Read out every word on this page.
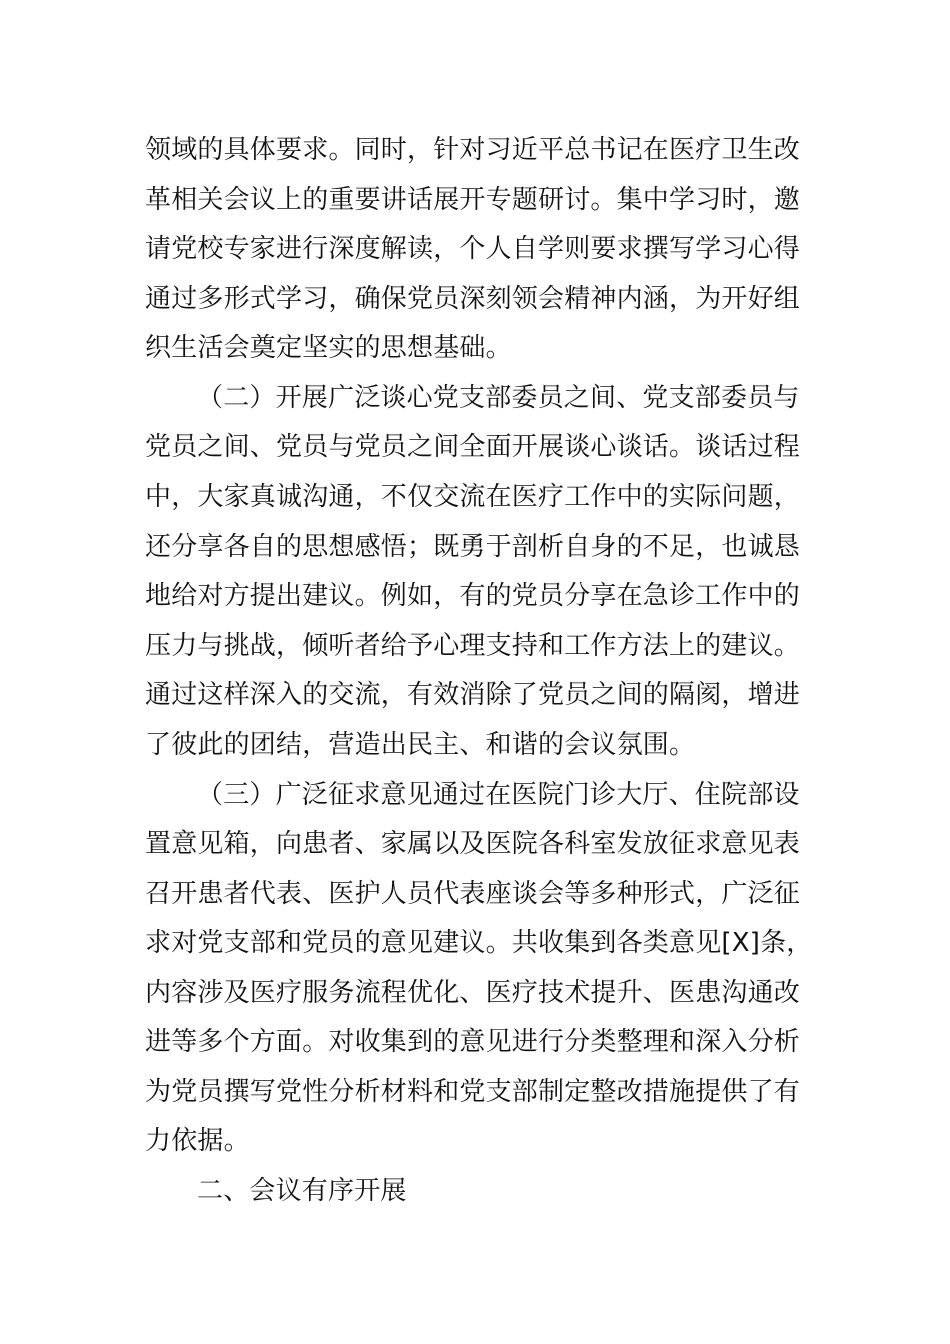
领域的具体要求。同时，针对习近平总书记在医疗卫生改
革相关会议上的重要讲话展开专题研讨。集中学习时，邀
请党校专家进行深度解读，个人自学则要求撰写学习心得
通过多形式学习，确保党员深刻领会精神内涵，为开好组
织生活会奠定坚实的思想基础。
（二）开展广泛谈心党支部委员之间、党支部委员与
党员之间、党员与党员之间全面开展谈心谈话。谈话过程
中，大家真诚沟通，不仅交流在医疗工作中的实际问题，
还分享各自的思想感悟；既勇于剖析自身的不足，也诚恳
地给对方提出建议。例如，有的党员分享在急诊工作中的
压力与挑战，倾听者给予心理支持和工作方法上的建议。
通过这样深入的交流，有效消除了党员之间的隔阂，增进
了彼此的团结，营造出民主、和谐的会议氛围。
（三）广泛征求意见通过在医院门诊大厅、住院部设
置意见箱，向患者、家属以及医院各科室发放征求意见表
召开患者代表、医护人员代表座谈会等多种形式，广泛征
求对党支部和党员的意见建议。共收集到各类意见[X]条，
内容涉及医疗服务流程优化、医疗技术提升、医患沟通改
进等多个方面。对收集到的意见进行分类整理和深入分析
为党员撰写党性分析材料和党支部制定整改措施提供了有
力依据。
二、会议有序开展
